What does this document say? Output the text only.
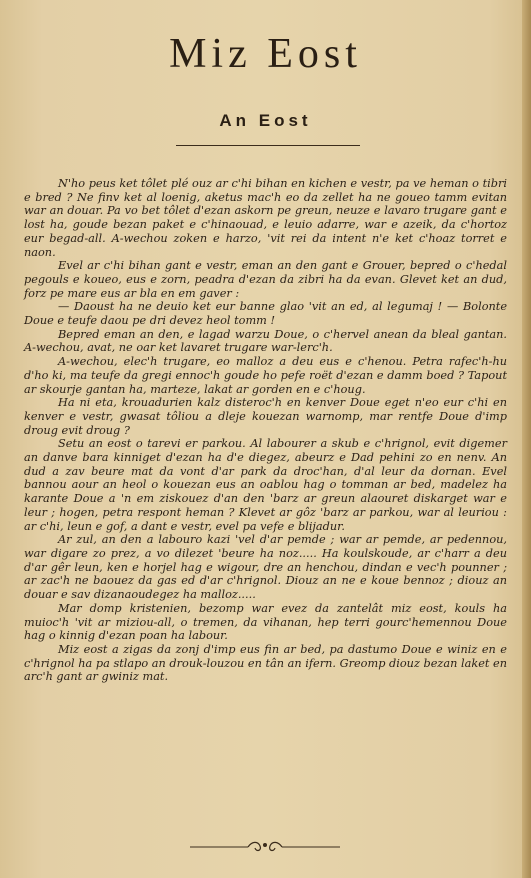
Miz Eost
An Eost

N'ho peus ket tôlet plé ouz ar c'hi bihan en kichen e vestr, pa ve heman o tibri e bred ? Ne finv ket al loenig, aketus mac'h eo da zellet ha ne goueo tamm evitan war an douar. Pa vo bet tôlet d'ezan askorn pe greun, neuze e lavaro trugare gant e lost ha, goude bezan paket e c'hinaouad, e leuio adarre, war e azeik, da c'hortoz eur begad-all. A-wechou zoken e harzo, 'vit rei da intent n'e ket c'hoaz torret e naon.

Evel ar c'hi bihan gant e vestr, eman an den gant e Grouer, bepred o c'hedal pegouls e koueo, eus e zorn, peadra d'ezan da zibri ha da evan. Glevet ket an dud, forz pe mare eus ar bla en em gaver :

— Daoust ha ne deuio ket eur banne glao 'vit an ed, al legumaj ! — Bolonte Doue e teufe daou pe dri devez heol tomm !

Bepred eman an den, e lagad warzu Doue, o c'hervel anean da bleal gantan. A-wechou, avat, ne oar ket lavaret trugare war-lerc'h.

A-wechou, elec'h trugare, eo malloz a deu eus e c'henou. Petra rafec'h-hu d'ho ki, ma teufe da gregi ennoc'h goude ho pefe roët d'ezan e damm boed ? Tapout ar skourje gantan ha, marteze, lakat ar gorden en e c'houg.

Ha ni eta, krouadurien kalz disteroc'h en kenver Doue eget n'eo eur c'hi en kenver e vestr, gwasat tôliou a dleje kouezan warnomp, mar rentfe Doue d'imp droug evit droug ?

Setu an eost o tarevi er parkou. Al labourer a skub e c'hrignol, evit digemer an danve bara kinniget d'ezan ha d'e diegez, abeurz e Dad pehini zo en nenv. An dud a zav beure mat da vont d'ar park da droc'han, d'al leur da dornan. Evel bannou aour an heol o kouezan eus an oablou hag o tomman ar bed, madelez ha karante Doue a 'n em ziskouez d'an den 'barz ar greun alaouret diskarget war e leur ; hogen, petra respont heman ? Klevet ar gôz 'barz ar parkou, war al leuriou : ar c'hi, leun e gof, a dant e vestr, evel pa vefe e blijadur.

Ar zul, an den a labouro kazi 'vel d'ar pemde ; war ar pemde, ar pedennou, war digare zo prez, a vo dilezet 'beure ha noz..... Ha koulskoude, ar c'harr a deu d'ar gêr leun, ken e horjel hag e wigour, dre an henchou, dindan e vec'h pounner ; ar zac'h ne baouez da gas ed d'ar c'hrignol. Diouz an ne e koue bennoz ; diouz an douar e sav dizanaoudegez ha malloz.....

Mar domp kristenien, bezomp war evez da zantelât miz eost, kouls ha muioc'h 'vit ar miziou-all, o tremen, da vihanan, hep terri gourc'hemennou Doue hag o kinnig d'ezan poan ha labour.

Miz eost a zigas da zonj d'imp eus fin ar bed, pa dastumo Doue e winiz en e c'hrignol ha pa stlapo an drouk-louzou en tân an ifern. Greomp diouz bezan laket en arc'h gant ar gwiniz mat.
